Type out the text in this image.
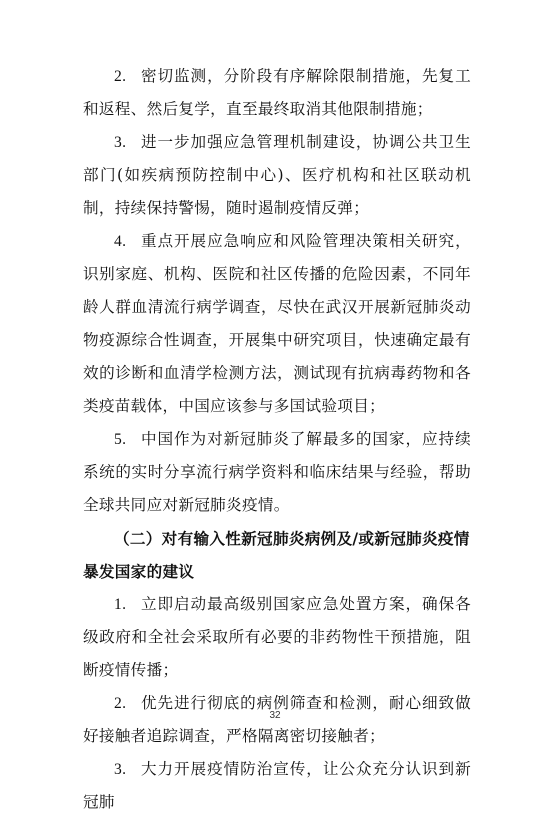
2. 密切监测，分阶段有序解除限制措施，先复工和返程、然后复学，直至最终取消其他限制措施；

3. 进一步加强应急管理机制建设，协调公共卫生部门(如疾病预防控制中心)、医疗机构和社区联动机制，持续保持警惕，随时遏制疫情反弹；

4. 重点开展应急响应和风险管理决策相关研究，识别家庭、机构、医院和社区传播的危险因素，不同年龄人群血清流行病学调查，尽快在武汉开展新冠肺炎动物疫源综合性调查，开展集中研究项目，快速确定最有效的诊断和血清学检测方法，测试现有抗病毒药物和各类疫苗载体，中国应该参与多国试验项目；

5. 中国作为对新冠肺炎了解最多的国家，应持续系统的实时分享流行病学资料和临床结果与经验，帮助全球共同应对新冠肺炎疫情。

（二）对有输入性新冠肺炎病例及/或新冠肺炎疫情暴发国家的建议

1. 立即启动最高级别国家应急处置方案，确保各级政府和全社会采取所有必要的非药物性干预措施，阻断疫情传播；

2. 优先进行彻底的病例筛查和检测，耐心细致做好接触者追踪调查，严格隔离密切接触者；

3. 大力开展疫情防治宣传，让公众充分认识到新冠肺

32
